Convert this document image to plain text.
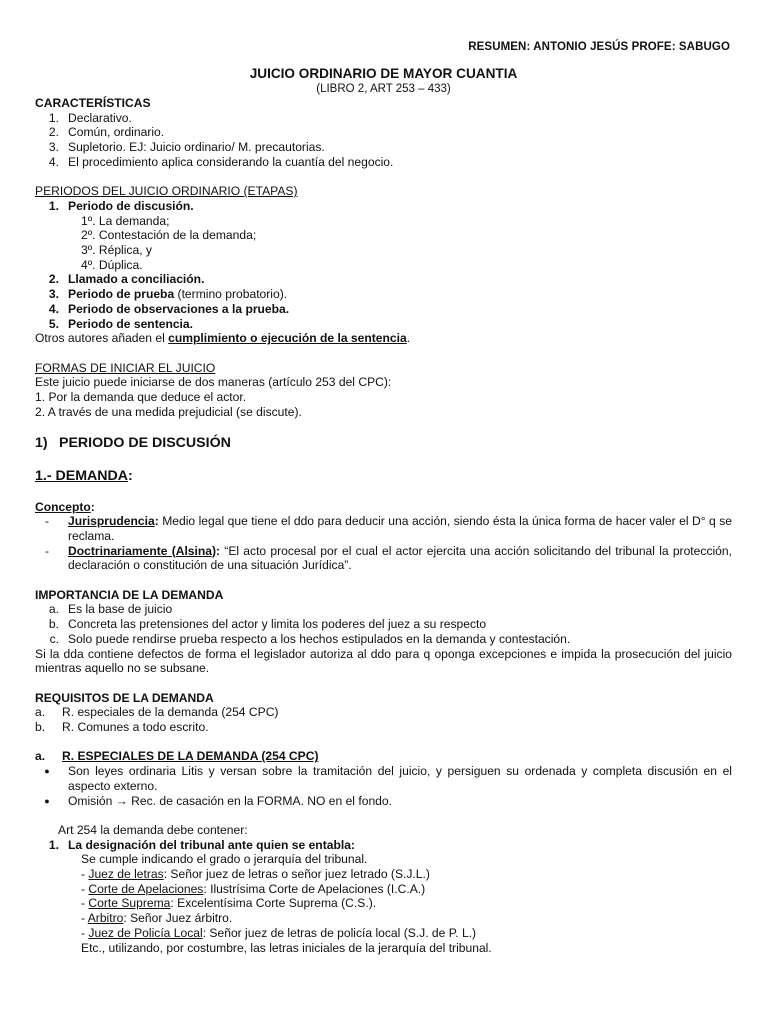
RESUMEN: ANTONIO JESÚS PROFE: SABUGO
JUICIO ORDINARIO DE MAYOR CUANTIA
(LIBRO 2, ART 253 – 433)
CARACTERÍSTICAS
1. Declarativo.
2. Común, ordinario.
3. Supletorio. EJ: Juicio ordinario/ M. precautorias.
4. El procedimiento aplica considerando la cuantía del negocio.
PERIODOS DEL JUICIO ORDINARIO (ETAPAS)
1. Periodo de discusión.
1º. La demanda;
2º. Contestación de la demanda;
3º. Réplica, y
4º. Dúplica.
2. Llamado a conciliación.
3. Periodo de prueba (termino probatorio).
4. Periodo de observaciones a la prueba.
5. Periodo de sentencia.
Otros autores añaden el cumplimiento o ejecución de la sentencia.
FORMAS DE INICIAR EL JUICIO
Este juicio puede iniciarse de dos maneras (artículo 253 del CPC):
1. Por la demanda que deduce el actor.
2. A través de una medida prejudicial (se discute).
1) PERIODO DE DISCUSIÓN
1.- DEMANDA:
Concepto:
-	Jurisprudencia: Medio legal que tiene el ddo para deducir una acción, siendo ésta la única forma de hacer valer el D° q se reclama.
-	Doctrinariamente (Alsina): “El acto procesal por el cual el actor ejercita una acción solicitando del tribunal la protección, declaración o constitución de una situación Jurídica”.
IMPORTANCIA DE LA DEMANDA
a. Es la base de juicio
b. Concreta las pretensiones del actor y limita los poderes del juez a su respecto
c. Solo puede rendirse prueba respecto a los hechos estipulados en la demanda y contestación.
Si la dda contiene defectos de forma el legislador autoriza al ddo para q oponga excepciones e impida la prosecución del juicio mientras aquello no se subsane.
REQUISITOS DE LA DEMANDA
a.	R. especiales de la demanda (254 CPC)
b.	R. Comunes a todo escrito.
a.	R. ESPECIALES DE LA DEMANDA (254 CPC)
●	Son leyes ordinaria Litis y versan sobre la tramitación del juicio, y persiguen su ordenada y completa discusión en el aspecto externo.
●	Omisión → Rec. de casación en la FORMA. NO en el fondo.
Art 254 la demanda debe contener:
1. La designación del tribunal ante quien se entabla:
Se cumple indicando el grado o jerarquía del tribunal.
- Juez de letras: Señor juez de letras o señor juez letrado (S.J.L.)
- Corte de Apelaciones: Ilustrísima Corte de Apelaciones (I.C.A.)
- Corte Suprema: Excelentísima Corte Suprema (C.S.).
- Arbitro: Señor Juez árbitro.
- Juez de Policía Local: Señor juez de letras de policía local (S.J. de P. L.)
Etc., utilizando, por costumbre, las letras iniciales de la jerarquía del tribunal.
